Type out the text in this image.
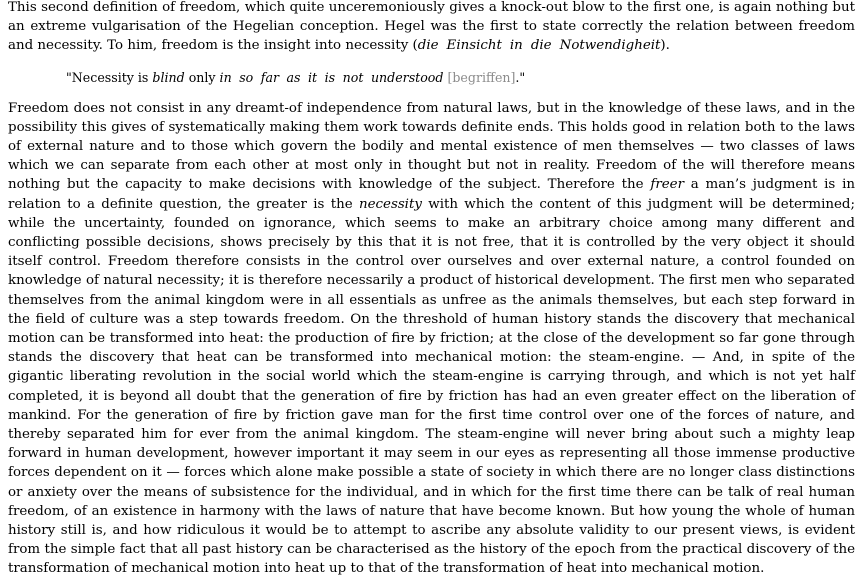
This second definition of freedom, which quite unceremoniously gives a knock-out blow to the first one, is again nothing but an extreme vulgarisation of the Hegelian conception. Hegel was the first to state correctly the relation between freedom and necessity. To him, freedom is the insight into necessity (die Einsicht in die Notwendigheit).

"Necessity is blind only in so far as it is not understood [begriffen]."

Freedom does not consist in any dreamt-of independence from natural laws, but in the knowledge of these laws, and in the possibility this gives of systematically making them work towards definite ends. This holds good in relation both to the laws of external nature and to those which govern the bodily and mental existence of men themselves — two classes of laws which we can separate from each other at most only in thought but not in reality. Freedom of the will therefore means nothing but the capacity to make decisions with knowledge of the subject. Therefore the freer a man’s judgment is in relation to a definite question, the greater is the necessity with which the content of this judgment will be determined; while the uncertainty, founded on ignorance, which seems to make an arbitrary choice among many different and conflicting possible decisions, shows precisely by this that it is not free, that it is controlled by the very object it should itself control. Freedom therefore consists in the control over ourselves and over external nature, a control founded on knowledge of natural necessity; it is therefore necessarily a product of historical development. The first men who separated themselves from the animal kingdom were in all essentials as unfree as the animals themselves, but each step forward in the field of culture was a step towards freedom. On the threshold of human history stands the discovery that mechanical motion can be transformed into heat: the production of fire by friction; at the close of the development so far gone through stands the discovery that heat can be transformed into mechanical motion: the steam-engine. — And, in spite of the gigantic liberating revolution in the social world which the steam-engine is carrying through, and which is not yet half completed, it is beyond all doubt that the generation of fire by friction has had an even greater effect on the liberation of mankind. For the generation of fire by friction gave man for the first time control over one of the forces of nature, and thereby separated him for ever from the animal kingdom. The steam-engine will never bring about such a mighty leap forward in human development, however important it may seem in our eyes as representing all those immense productive forces dependent on it — forces which alone make possible a state of society in which there are no longer class distinctions or anxiety over the means of subsistence for the individual, and in which for the first time there can be talk of real human freedom, of an existence in harmony with the laws of nature that have become known. But how young the whole of human history still is, and how ridiculous it would be to attempt to ascribe any absolute validity to our present views, is evident from the simple fact that all past history can be characterised as the history of the epoch from the practical discovery of the transformation of mechanical motion into heat up to that of the transformation of heat into mechanical motion.
